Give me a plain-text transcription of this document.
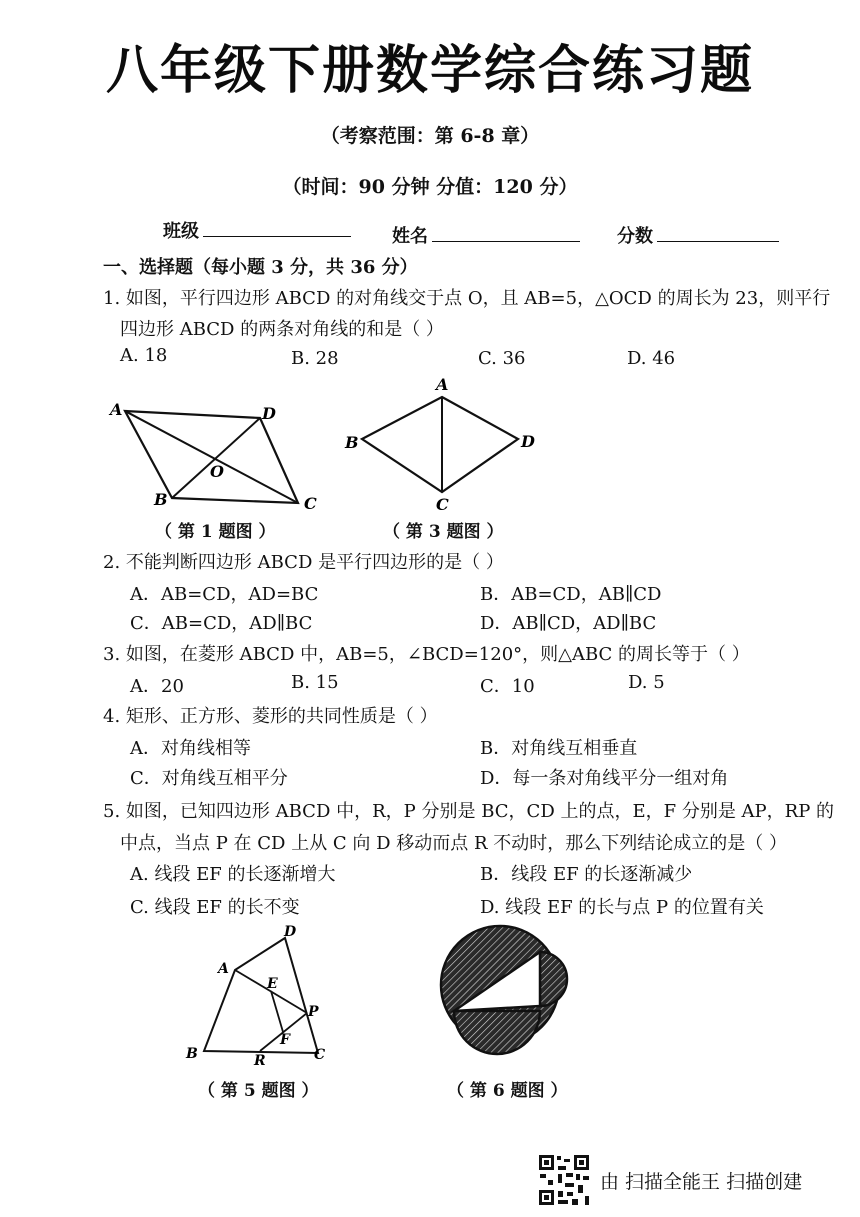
八年级下册数学综合练习题
（考察范围：第 6-8 章）
（时间：90 分钟 分值：120 分）
班级	姓名	分数
一、选择题（每小题 3 分，共 36 分）
1. 如图，平行四边形 ABCD 的对角线交于点 O，且 AB=5，△OCD 的周长为 23，则平行
四边形 ABCD 的两条对角线的和是（ ）
A. 18	B. 28	C. 36	D. 46
A	D
B	C
O
（ 第 1 题图 ）
A
B	D
C
（ 第 3 题图 ）
2. 不能判断四边形 ABCD 是平行四边形的是（ ）
A．AB=CD，AD=BC	B．AB=CD，AB∥CD
C．AB=CD，AD∥BC	D．AB∥CD，AD∥BC
3. 如图，在菱形 ABCD 中，AB=5，∠BCD=120°，则△ABC 的周长等于（ ）
A．20	B. 15	C．10	D. 5
4. 矩形、正方形、菱形的共同性质是（ ）
A．对角线相等	B．对角线互相垂直
C．对角线互相平分	D．每一条对角线平分一组对角
5. 如图，已知四边形 ABCD 中，R，P 分别是 BC，CD 上的点，E，F 分别是 AP，RP 的
中点，当点 P 在 CD 上从 C 向 D 移动而点 R 不动时，那么下列结论成立的是（ ）
A. 线段 EF 的长逐渐增大	B．线段 EF 的长逐渐减少
C. 线段 EF 的长不变	D. 线段 EF 的长与点 P 的位置有关
A
D
B	C
E
P
F
R
（ 第 5 题图 ）	（ 第 6 题图 ）
由 扫描全能王 扫描创建
